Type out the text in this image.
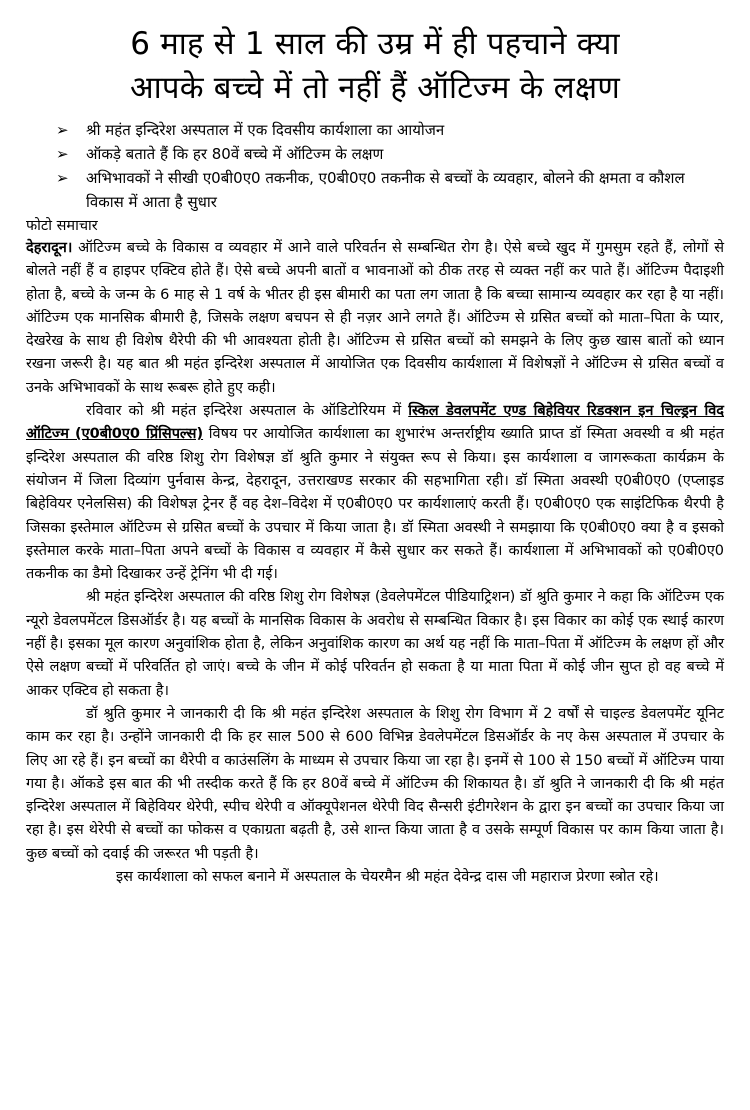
6 माह से 1 साल की उम्र में ही पहचाने क्या
आपके बच्चे में तो नहीं हैं ऑटिज्म के लक्षण
➢ श्री महंत इन्दिरेश अस्पताल में एक दिवसीय कार्यशाला का आयोजन
➢ ऑकड़े बताते हैं कि हर 80वें बच्चे में ऑटिज्म के लक्षण
➢ अभिभावकों ने सीखी ए0बी0ए0 तकनीक, ए0बी0ए0 तकनीक से बच्चों के व्यवहार, बोलने की क्षमता व कौशल विकास में आता है सुधार

फोटो समाचार

देहरादून। ऑटिज्म बच्चे के विकास व व्यवहार में आने वाले परिवर्तन से सम्बन्धित रोग है। ऐसे बच्चे खुद में गुमसुम रहते हैं, लोगों से बोलते नहीं हैं व हाइपर एक्टिव होते हैं। ऐसे बच्चे अपनी बातों व भावनाओं को ठीक तरह से व्यक्त नहीं कर पाते हैं। ऑटिज्म पैदाइशी होता है, बच्चे के जन्म के 6 माह से 1 वर्ष के भीतर ही इस बीमारी का पता लग जाता है कि बच्चा सामान्य व्यवहार कर रहा है या नहीं। ऑटिज्म एक मानसिक बीमारी है, जिसके लक्षण बचपन से ही नज़र आने लगते हैं। ऑटिज्म से ग्रसित बच्चों को माता–पिता के प्यार, देखरेख के साथ ही विशेष थैरेपी की भी आवश्यता होती है। ऑटिज्म से ग्रसित बच्चों को समझने के लिए कुछ खास बातों को ध्यान रखना जरूरी है। यह बात श्री महंत इन्दिरेश अस्पताल में आयोजित एक दिवसीय कार्यशाला में विशेषज्ञों ने ऑटिज्म से ग्रसित बच्चों व उनके अभिभावकों के साथ रूबरू होते हुए कही।

रविवार को श्री महंत इन्दिरेश अस्पताल के ऑडिटोरियम में स्किल डेवलपमेंट एण्ड बिहेवियर रिडक्शन इन चिल्ड्रन विद ऑटिज्म (ए0बी0ए0 प्रिंसिपल्स) विषय पर आयोजित कार्यशाला का शुभारंभ अन्तर्राष्ट्रीय ख्याति प्राप्त डॉ स्मिता अवस्थी व श्री महंत इन्दिरेश अस्पताल की वरिष्ठ शिशु रोग विशेषज्ञ डॉ श्रुति कुमार ने संयुक्त रूप से किया। इस कार्यशाला व जागरूकता कार्यक्रम के संयोजन में जिला दिव्यांग पुर्नवास केन्द्र, देहरादून, उत्तराखण्ड सरकार की सहभागिता रही। डॉ स्मिता अवस्थी ए0बी0ए0 (एप्लाइड बिहेवियर एनेलसिस) की विशेषज्ञ ट्रेनर हैं वह देश–विदेश में ए0बी0ए0 पर कार्यशालाएं करती हैं। ए0बी0ए0 एक साइंटिफिक थैरपी है जिसका इस्तेमाल ऑटिज्म से ग्रसित बच्चों के उपचार में किया जाता है। डॉ स्मिता अवस्थी ने समझाया कि ए0बी0ए0 क्या है व इसको इस्तेमाल करके माता–पिता अपने बच्चों के विकास व व्यवहार में कैसे सुधार कर सकते हैं। कार्यशाला में अभिभावकों को ए0बी0ए0 तकनीक का डैमो दिखाकर उन्हें ट्रेनिंग भी दी गई।

श्री महंत इन्दिरेश अस्पताल की वरिष्ठ शिशु रोग विशेषज्ञ (डेवलेपमेंटल पीडियाट्रिशन) डॉ श्रुति कुमार ने कहा कि ऑटिज्म एक न्यूरो डेवलपमेंटल डिसऑर्डर है। यह बच्चों के मानसिक विकास के अवरोध से सम्बन्धित विकार है। इस विकार का कोई एक स्थाई कारण नहीं है। इसका मूल कारण अनुवांशिक होता है, लेकिन अनुवांशिक कारण का अर्थ यह नहीं कि माता–पिता में ऑटिज्म के लक्षण हों और ऐसे लक्षण बच्चों में परिवर्तित हो जाएं। बच्चे के जीन में कोई परिवर्तन हो सकता है या माता पिता में कोई जीन सुप्त हो वह बच्चे में आकर एक्टिव हो सकता है।

डॉ श्रुति कुमार ने जानकारी दी कि श्री महंत इन्दिरेश अस्पताल के शिशु रोग विभाग में 2 वर्षों से चाइल्ड डेवलपमेंट यूनिट काम कर रहा है। उन्होंने जानकारी दी कि हर साल 500 से 600 विभिन्न डेवलेपमेंटल डिसऑर्डर के नए केस अस्पताल में उपचार के लिए आ रहे हैं। इन बच्चों का थैरेपी व काउंसलिंग के माध्यम से उपचार किया जा रहा है। इनमें से 100 से 150 बच्चों में ऑटिज्म पाया गया है। ऑकडे इस बात की भी तस्दीक करते हैं कि हर 80वें बच्चे में ऑटिज्म की शिकायत है। डॉ श्रुति ने जानकारी दी कि श्री महंत इन्दिरेश अस्पताल में बिहेवियर थेरेपी, स्पीच थेरेपी व ऑक्यूपेशनल थेरेपी विद सैन्सरी इंटीगरेशन के द्वारा इन बच्चों का उपचार किया जा रहा है। इस थेरेपी से बच्चों का फोकस व एकाग्रता बढ़ती है, उसे शान्त किया जाता है व उसके सम्पूर्ण विकास पर काम किया जाता है। कुछ बच्चों को दवाई की जरूरत भी पड़ती है।

इस कार्यशाला को सफल बनाने में अस्पताल के चेयरमैन श्री महंत देवेन्द्र दास जी महाराज प्रेरणा स्त्रोत रहे।
